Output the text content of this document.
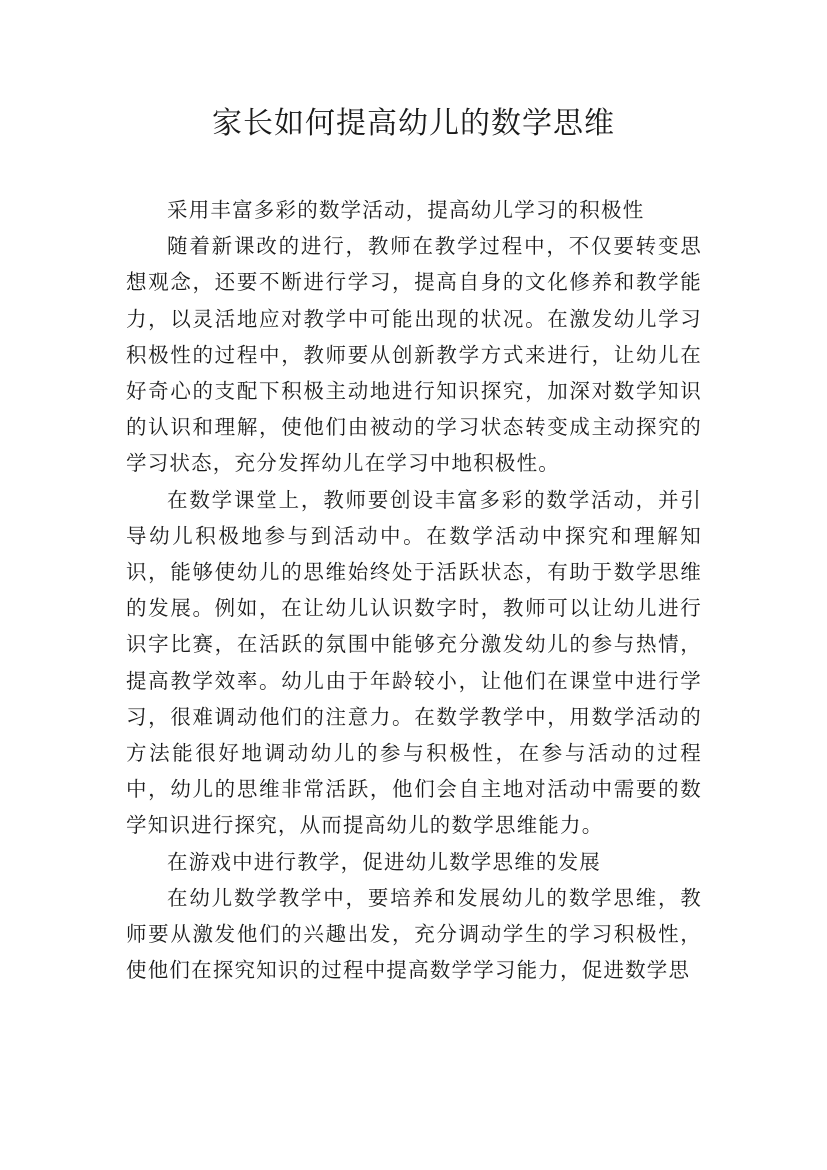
家长如何提高幼儿的数学思维

采用丰富多彩的数学活动，提高幼儿学习的积极性

随着新课改的进行，教师在教学过程中，不仅要转变思想观念，还要不断进行学习，提高自身的文化修养和教学能力，以灵活地应对教学中可能出现的状况。在激发幼儿学习积极性的过程中，教师要从创新教学方式来进行，让幼儿在好奇心的支配下积极主动地进行知识探究，加深对数学知识的认识和理解，使他们由被动的学习状态转变成主动探究的学习状态，充分发挥幼儿在学习中地积极性。

在数学课堂上，教师要创设丰富多彩的数学活动，并引导幼儿积极地参与到活动中。在数学活动中探究和理解知识，能够使幼儿的思维始终处于活跃状态，有助于数学思维的发展。例如，在让幼儿认识数字时，教师可以让幼儿进行识字比赛，在活跃的氛围中能够充分激发幼儿的参与热情，提高教学效率。幼儿由于年龄较小，让他们在课堂中进行学习，很难调动他们的注意力。在数学教学中，用数学活动的方法能很好地调动幼儿的参与积极性，在参与活动的过程中，幼儿的思维非常活跃，他们会自主地对活动中需要的数学知识进行探究，从而提高幼儿的数学思维能力。

在游戏中进行教学，促进幼儿数学思维的发展

在幼儿数学教学中，要培养和发展幼儿的数学思维，教师要从激发他们的兴趣出发，充分调动学生的学习积极性，使他们在探究知识的过程中提高数学学习能力，促进数学思
